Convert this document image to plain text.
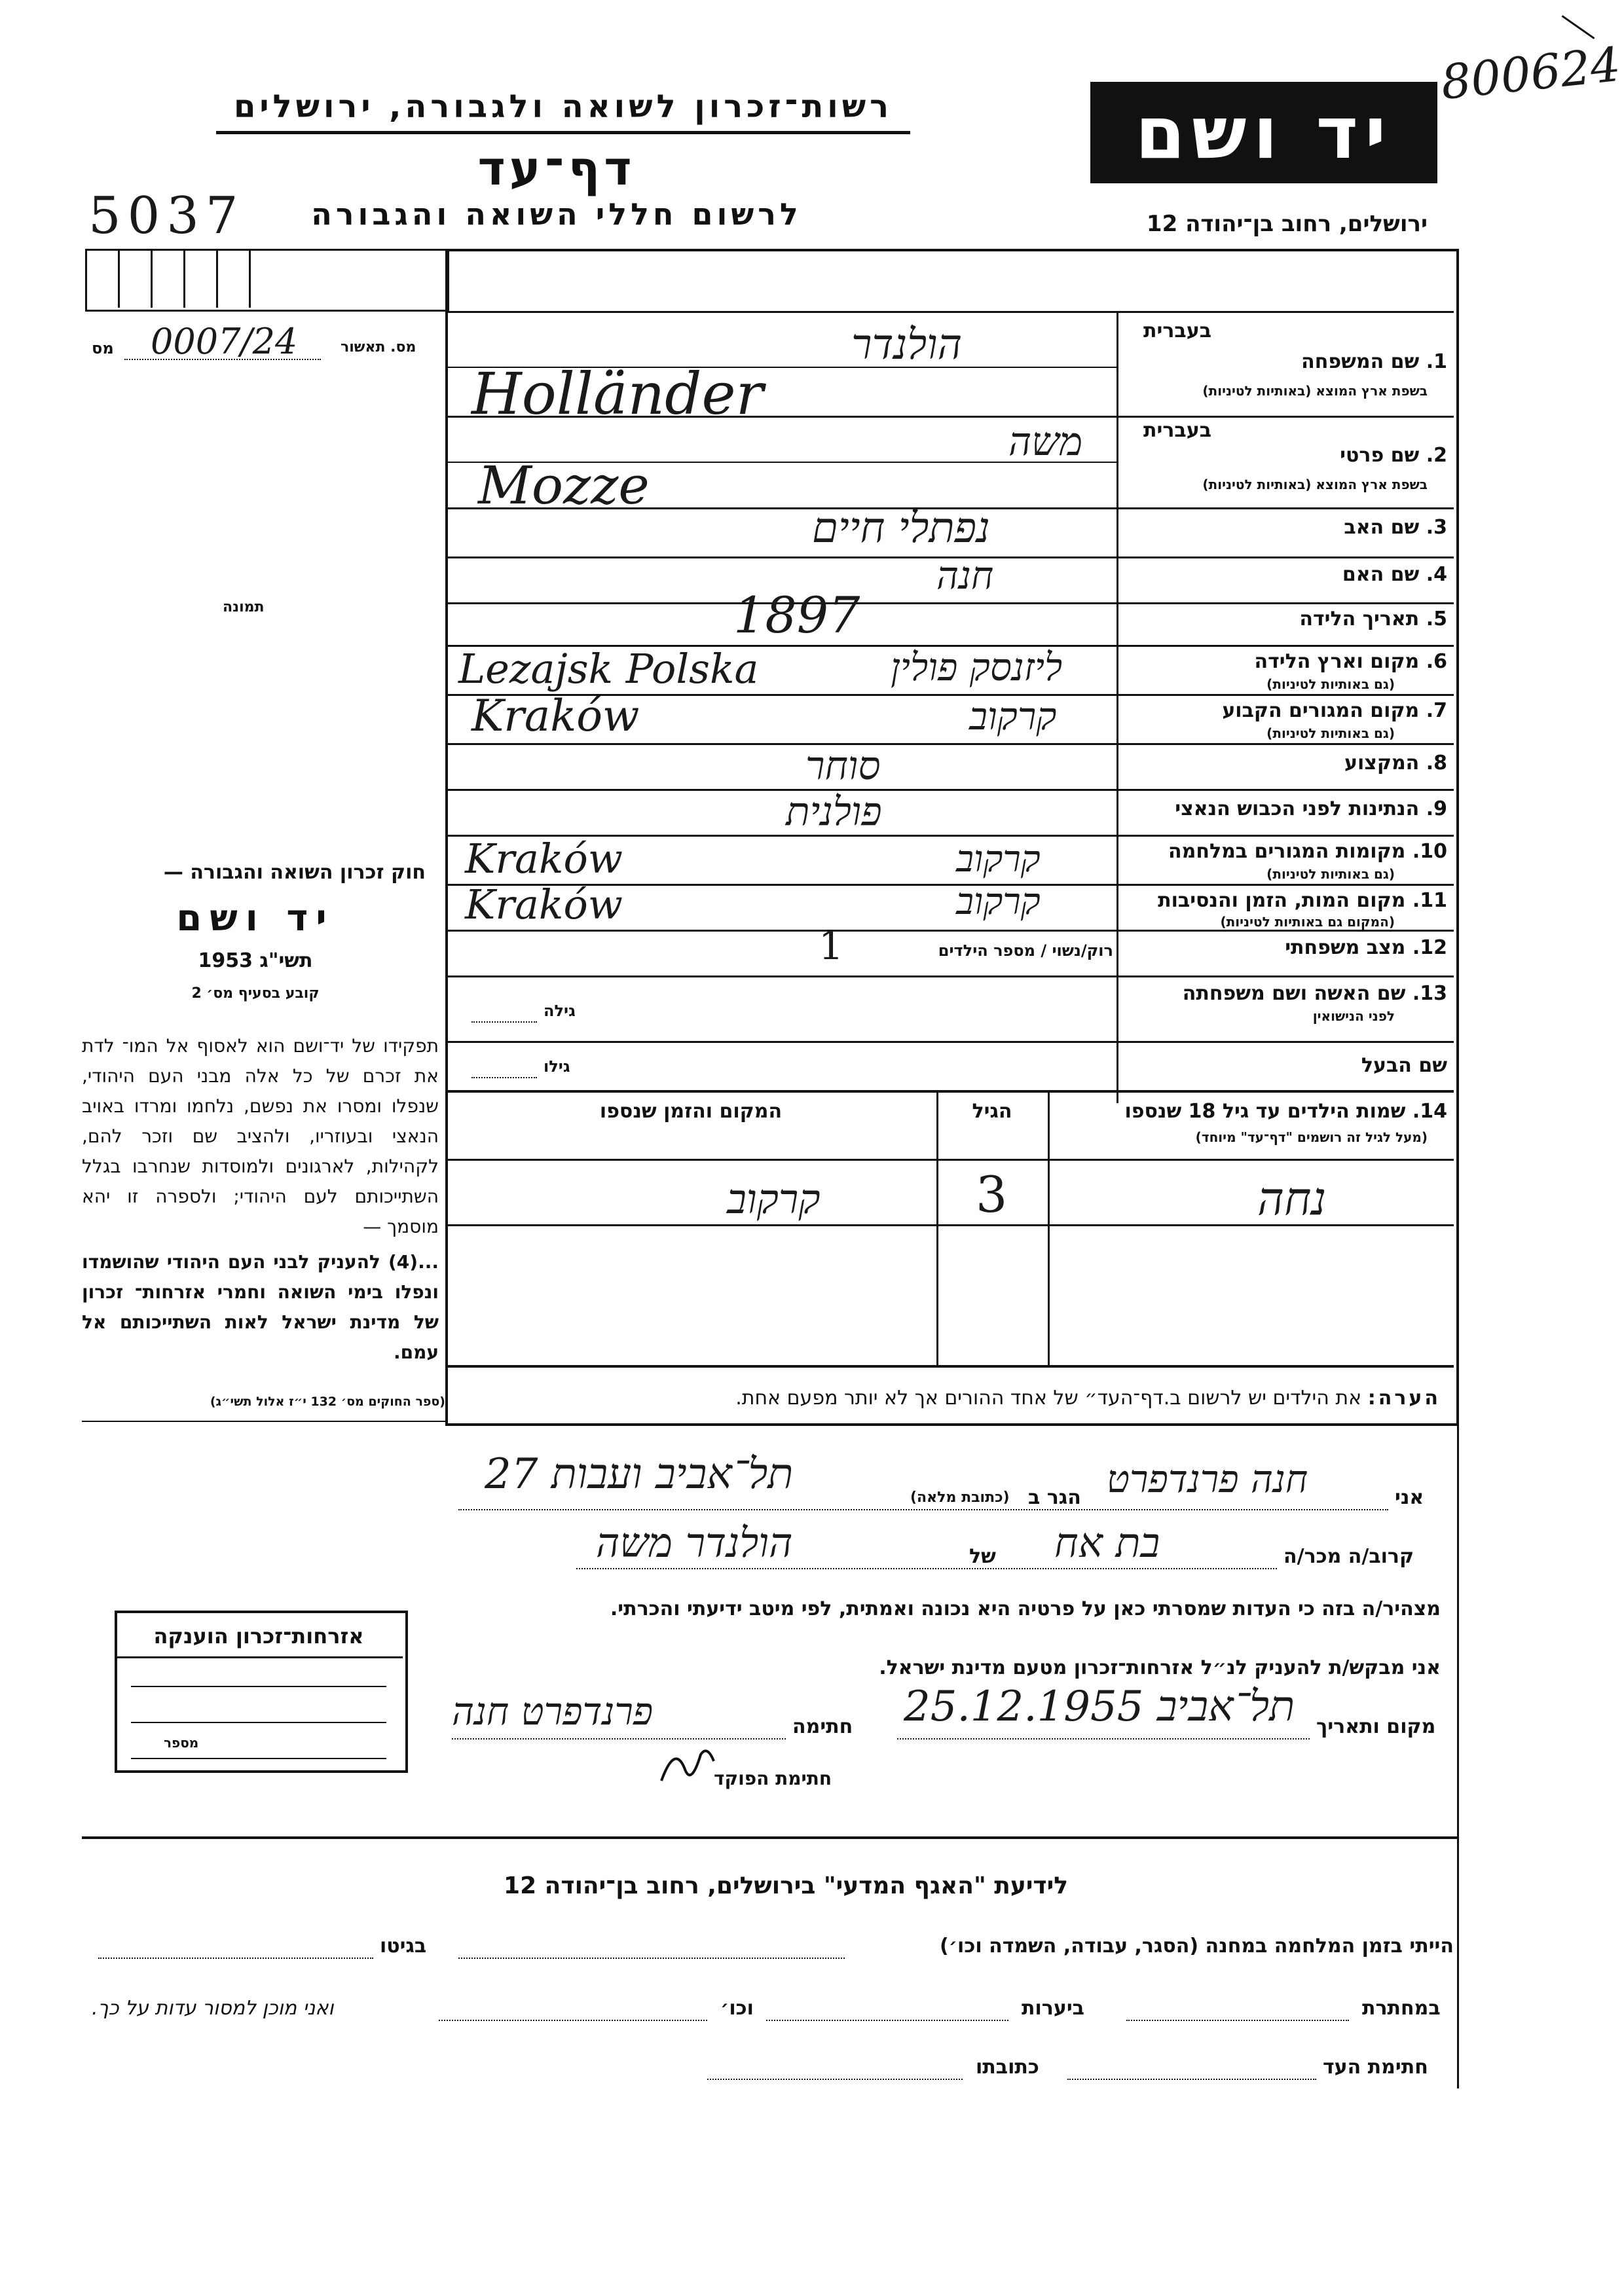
800624
יד ושם
רשות־זכרון לשואה ולגבורה, ירושלים
דף־עד
לרשום חללי השואה והגבורה
5037	ירושלים, רחוב בן־יהודה 12
מס 0007/24	מס. תאשור
תמונה
בעברית
1. שם המשפחה
בשפת ארץ המוצא (באותיות לטיניות)
הולנדר
Holländer
בעברית
2. שם פרטי
בשפת ארץ המוצא (באותיות לטיניות)
משה
Mozze
3. שם האב
נפתלי חיים
4. שם האם
חנה
5. תאריך הלידה
1897
6. מקום וארץ הלידה
(גם באותיות לטיניות)
ליזנסק פולין
Lezajsk Polska
7. מקום המגורים הקבוע
(גם באותיות לטיניות)
קרקוב
Kraków
8. המקצוע
סוחר
9. הנתינות לפני הכבוש הנאצי
פולנית
10. מקומות המגורים במלחמה
(גם באותיות לטיניות)
קרקוב
Kraków
11. מקום המות, הזמן והנסיבות
(המקום גם באותיות לטיניות)
קרקוב
Kraków
12. מצב משפחתי
רוק/נשוי / מספר הילדים
1
13. שם האשה ושם משפחתה
לפני הנישואין
גילה
שם הבעל
גילו
14. שמות הילדים עד גיל 18 שנספו
(מעל לגיל זה רושמים "דף־עד" מיוחד)
הגיל
המקום והזמן שנספו
נחה
3
קרקוב
הערה: את הילדים יש לרשום ב.דף־העד״ של אחד ההורים אך לא יותר מפעם אחת.
חוק זכרון השואה והגבורה —
יד ושם
תשי"ג 1953
קובע בסעיף מס׳ 2
תפקידו של יד־ושם הוא לאסוף אל המו־ לדת את זכרם של כל אלה מבני העם היהודי, שנפלו ומסרו את נפשם, נלחמו ומרדו באויב הנאצי ובעוזריו, ולהציב שם וזכר להם, לקהילות, לארגונים ולמוסדות שנחרבו בגלל השתייכותם לעם היהודי; ולספרה זו יהא מוסמך —
...(4) להעניק לבני העם היהודי שהושמדו ונפלו בימי השואה וחמרי אזרחות־ זכרון של מדינת ישראל לאות השתייכותם אל עמם.
(ספר החוקים מס׳ 132 י״ז אלול תשי״ג)
אני
חנה פרנדפרט
הגר ב
(כתובת מלאה)
תל־אביב ועבות 27
קרוב/ה מכר/ה
בת אח
של
הולנדר משה
מצהיר/ה בזה כי העדות שמסרתי כאן על פרטיה היא נכונה ואמתית, לפי מיטב ידיעתי והכרתי.
אני מבקש/ת להעניק לנ״ל אזרחות־זכרון מטעם מדינת ישראל.
מקום ותאריך
תל־אביב 25.12.1955
חתימה
פרנדפרט חנה
חתימת הפוקד
אזרחות־זכרון הוענקה
מספר
לידיעת "האגף המדעי" בירושלים, רחוב בן־יהודה 12
הייתי בזמן המלחמה במחנה (הסגר, עבודה, השמדה וכו׳)
בגיטו
במחתרת
ביערות
וכו׳
ואני מוכן למסור עדות על כך.
חתימת העד
כתובתו
